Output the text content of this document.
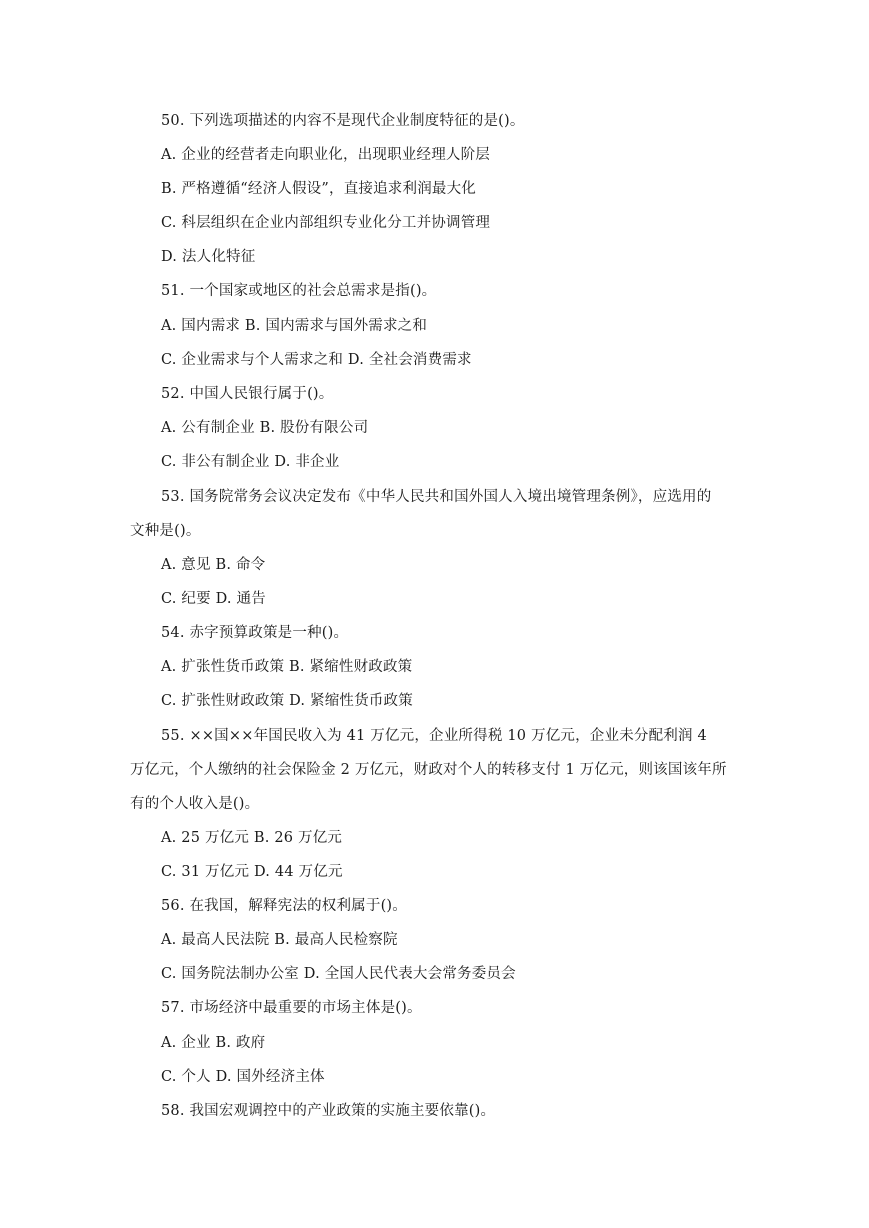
50. 下列选项描述的内容不是现代企业制度特征的是()。
A. 企业的经营者走向职业化，出现职业经理人阶层
B. 严格遵循“经济人假设”，直接追求利润最大化
C. 科层组织在企业内部组织专业化分工并协调管理
D. 法人化特征
51. 一个国家或地区的社会总需求是指()。
A. 国内需求 B. 国内需求与国外需求之和
C. 企业需求与个人需求之和 D. 全社会消费需求
52. 中国人民银行属于()。
A. 公有制企业 B. 股份有限公司
C. 非公有制企业 D. 非企业
53. 国务院常务会议决定发布《中华人民共和国外国人入境出境管理条例》，应选用的
文种是()。
A. 意见 B. 命令
C. 纪要 D. 通告
54. 赤字预算政策是一种()。
A. 扩张性货币政策 B. 紧缩性财政政策
C. 扩张性财政政策 D. 紧缩性货币政策
55. ××国××年国民收入为 41 万亿元，企业所得税 10 万亿元，企业未分配利润 4
万亿元，个人缴纳的社会保险金 2 万亿元，财政对个人的转移支付 1 万亿元，则该国该年所
有的个人收入是()。
A. 25 万亿元 B. 26 万亿元
C. 31 万亿元 D. 44 万亿元
56. 在我国，解释宪法的权利属于()。
A. 最高人民法院 B. 最高人民检察院
C. 国务院法制办公室 D. 全国人民代表大会常务委员会
57. 市场经济中最重要的市场主体是()。
A. 企业 B. 政府
C. 个人 D. 国外经济主体
58. 我国宏观调控中的产业政策的实施主要依靠()。
